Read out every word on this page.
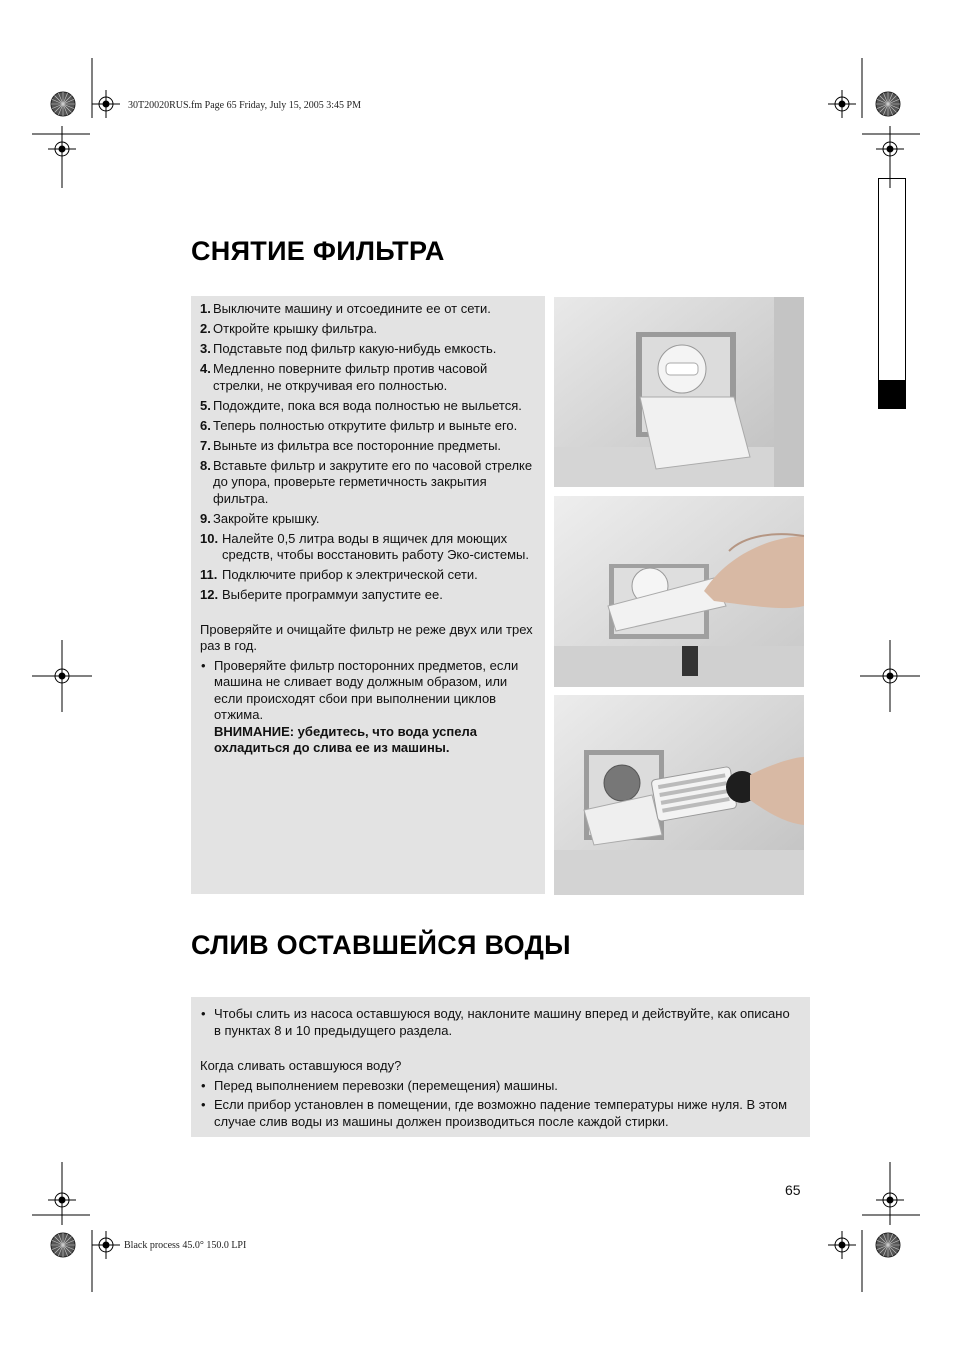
30T20020RUS.fm Page 65 Friday, July 15, 2005 3:45 PM
Black process 45.0° 150.0 LPI
СНЯТИЕ ФИЛЬТРА
1. Выключите машину и отсоедините ее от сети.
2. Откройте крышку фильтра.
3. Подставьте под фильтр какую-нибудь емкость.
4. Медленно поверните фильтр против часовой стрелки, не откручивая его полностью.
5. Подождите, пока вся вода полностью не выльется.
6. Теперь полностью открутите фильтр и выньте его.
7. Выньте из фильтра все посторонние предметы.
8. Вставьте фильтр и закрутите его по часовой стрелке до упора, проверьте герметичность закрытия фильтра.
9. Закройте крышку.
10. Налейте 0,5 литра воды в ящичек для моющих средств, чтобы восстановить работу Эко-системы.
11. Подключите прибор к электрической сети.
12. Выберите программуи запустите ее.

Проверяйте и очищайте фильтр не реже двух или трех раз в год.

• Проверяйте фильтр посторонних предметов, если машина не сливает воду должным образом, или если происходят сбои при выполнении циклов отжима.
ВНИМАНИЕ: убедитесь, что вода успела охладиться до слива ее из машины.
СЛИВ ОСТАВШЕЙСЯ ВОДЫ
• Чтобы слить из насоса оставшуюся воду, наклоните машину вперед и действуйте, как описано в пунктах 8 и 10 предыдущего раздела.

Когда сливать оставшуюся воду?

• Перед выполнением перевозки (перемещения) машины.
• Если прибор установлен в помещении, где возможно падение температуры ниже нуля. В этом случае слив воды из машины должен производиться после каждой стирки.
65
